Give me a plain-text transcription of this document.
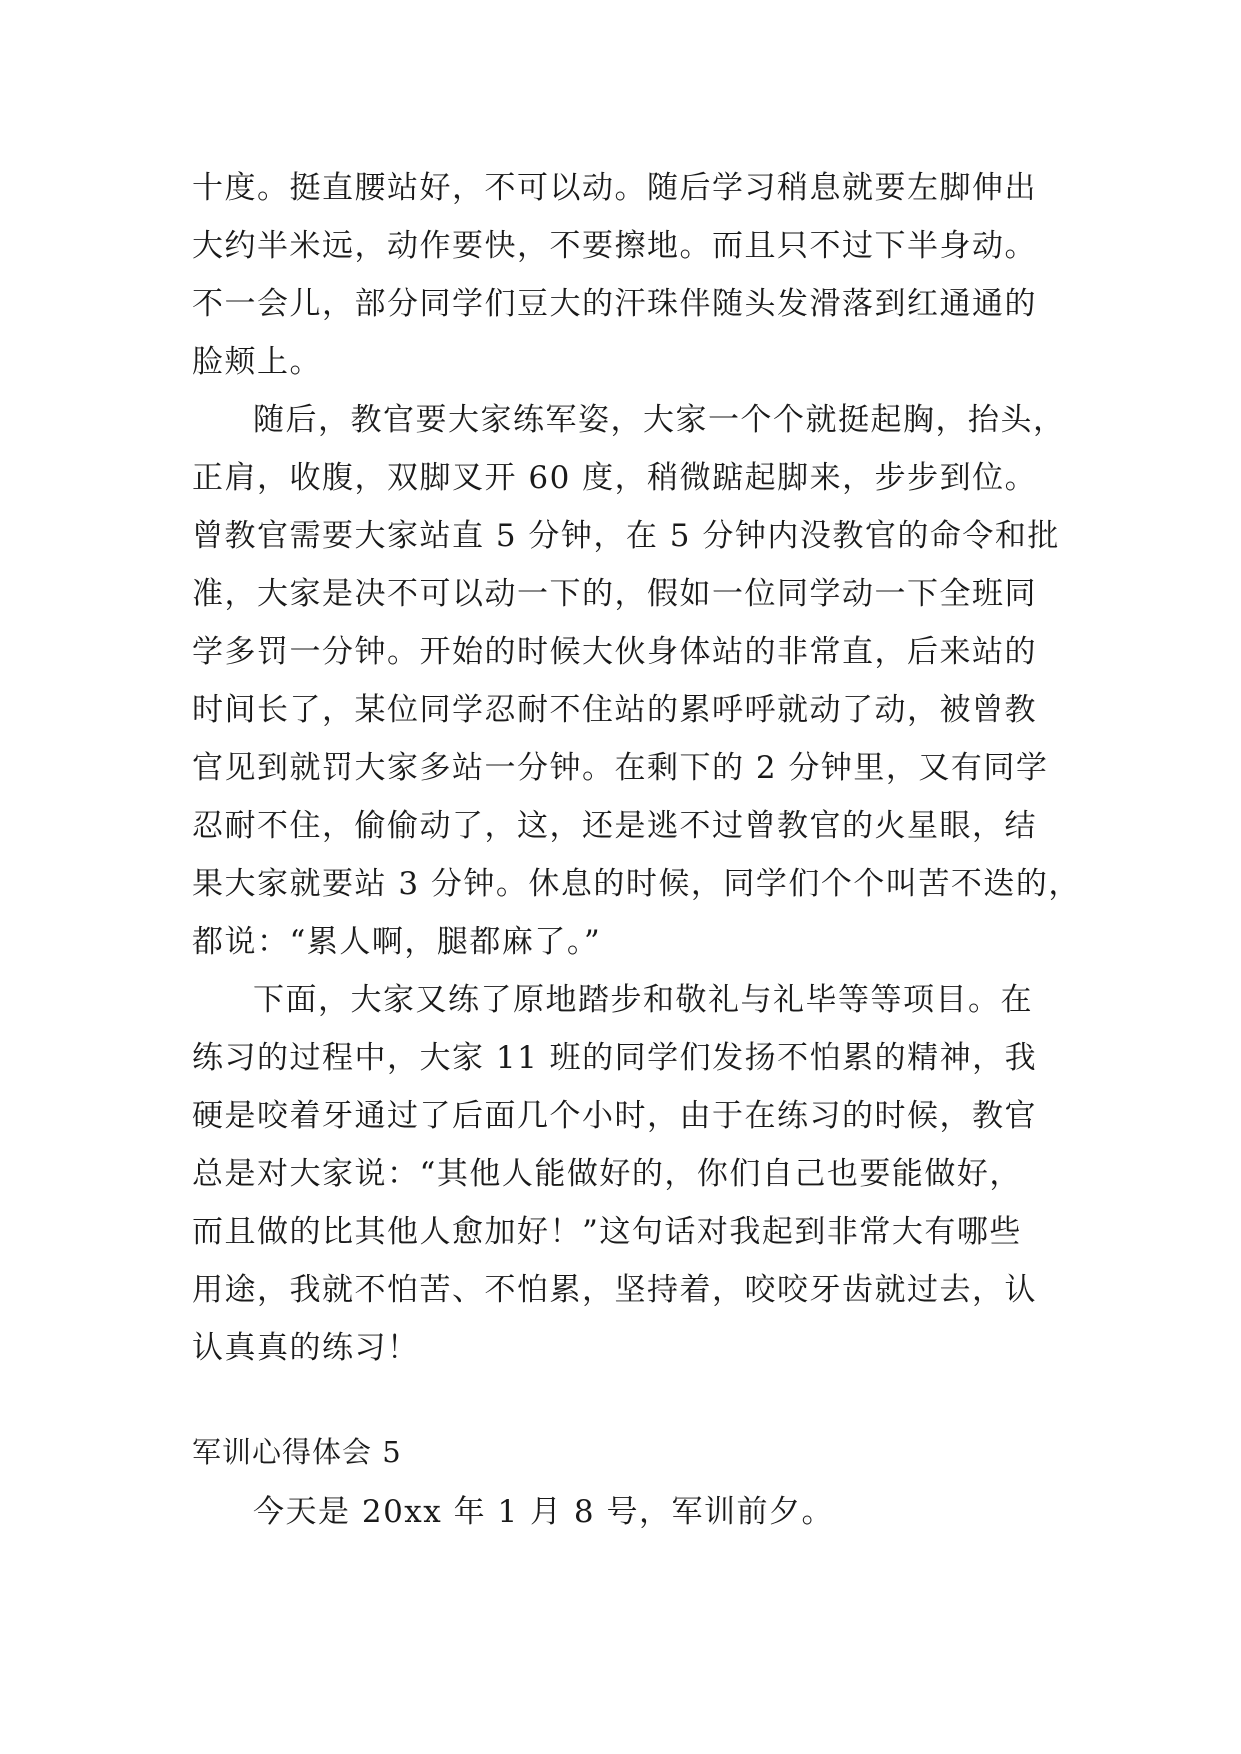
十度。挺直腰站好，不可以动。随后学习稍息就要左脚伸出
大约半米远，动作要快，不要擦地。而且只不过下半身动。
不一会儿，部分同学们豆大的汗珠伴随头发滑落到红通通的
脸颊上。
随后，教官要大家练军姿，大家一个个就挺起胸，抬头，
正肩，收腹，双脚叉开 60 度，稍微踮起脚来，步步到位。
曾教官需要大家站直 5 分钟，在 5 分钟内没教官的命令和批
准，大家是决不可以动一下的，假如一位同学动一下全班同
学多罚一分钟。开始的时候大伙身体站的非常直，后来站的
时间长了，某位同学忍耐不住站的累呼呼就动了动，被曾教
官见到就罚大家多站一分钟。在剩下的 2 分钟里，又有同学
忍耐不住，偷偷动了，这，还是逃不过曾教官的火星眼，结
果大家就要站 3 分钟。休息的时候，同学们个个叫苦不迭的，
都说：“累人啊，腿都麻了。”
下面，大家又练了原地踏步和敬礼与礼毕等等项目。在
练习的过程中，大家 11 班的同学们发扬不怕累的精神，我
硬是咬着牙通过了后面几个小时，由于在练习的时候，教官
总是对大家说：“其他人能做好的，你们自己也要能做好，
而且做的比其他人愈加好！”这句话对我起到非常大有哪些
用途，我就不怕苦、不怕累，坚持着，咬咬牙齿就过去，认
认真真的练习！
军训心得体会 5
今天是 20xx 年 1 月 8 号，军训前夕。
